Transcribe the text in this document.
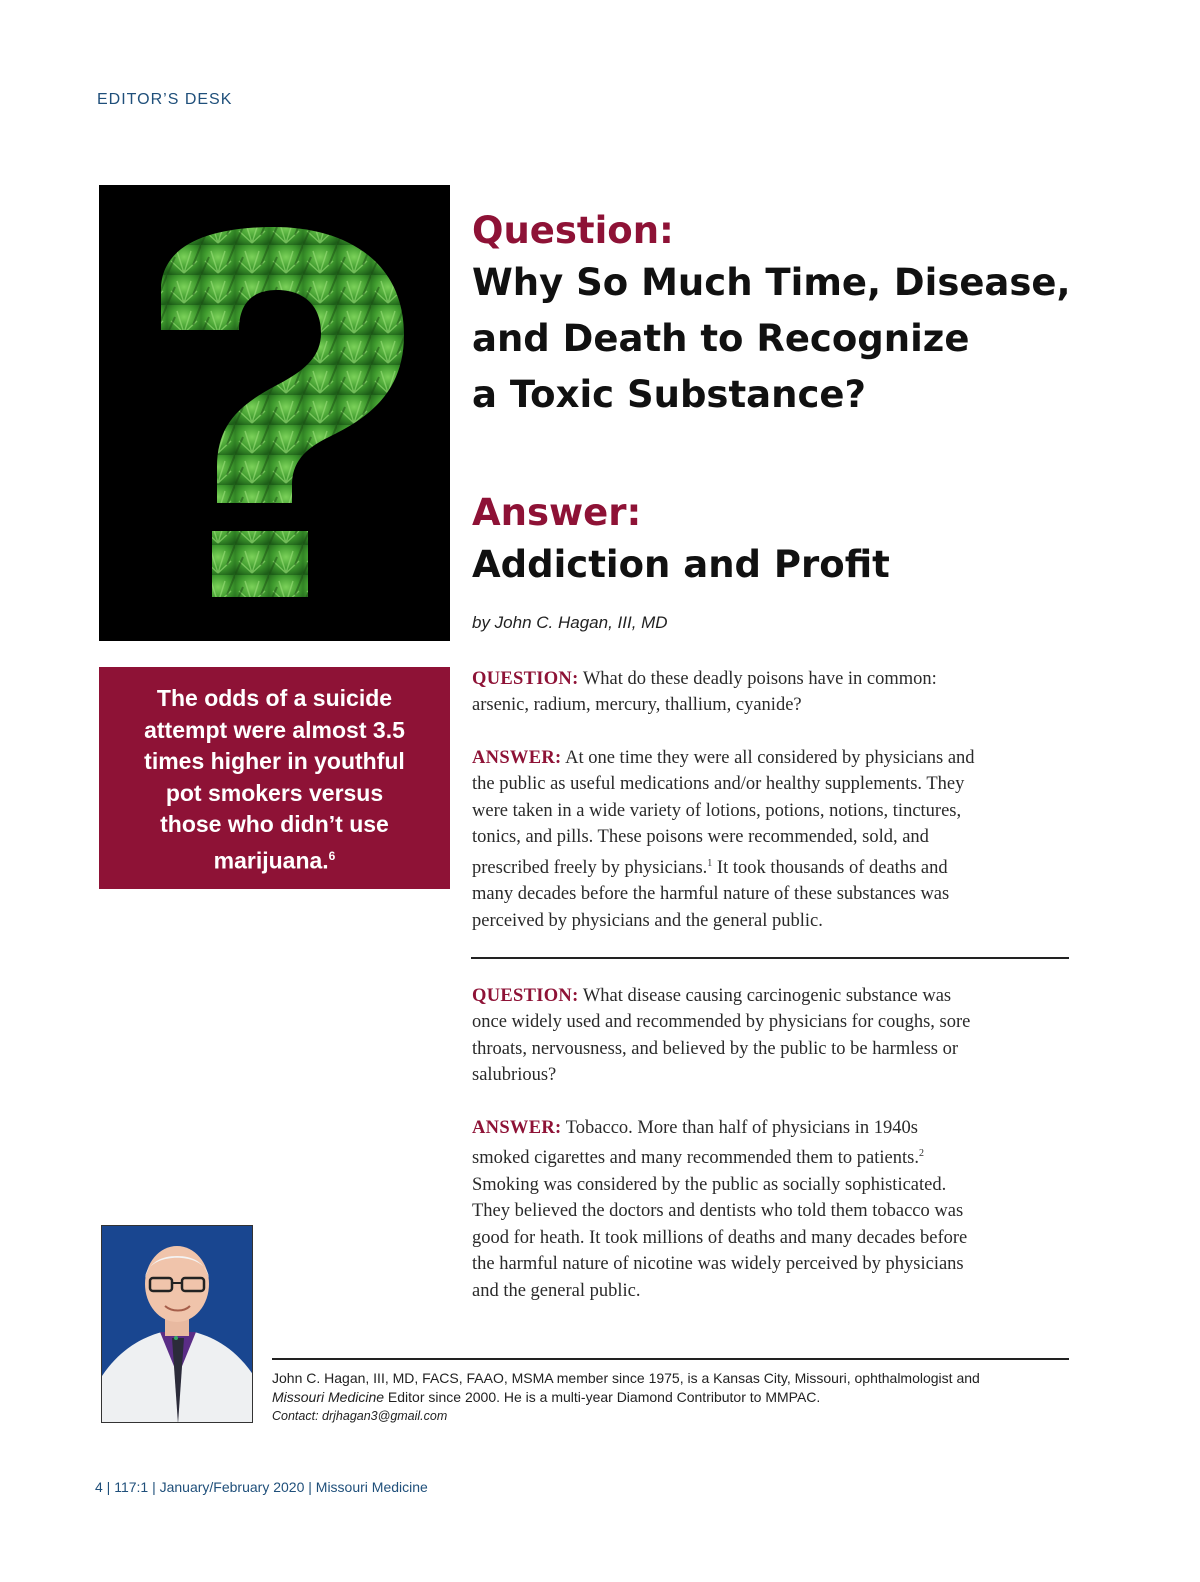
EDITOR’S DESK
The odds of a suicide
attempt were almost 3.5
times higher in youthful
pot smokers versus
those who didn’t use
marijuana.$^6$
Question:
Why So Much Time, Disease,
and Death to Recognize
a Toxic Substance?
Answer:
Addiction and Profit
by John C. Hagan, III, MD
QUESTION: What do these deadly poisons have in common:
arsenic, radium, mercury, thallium, cyanide?
ANSWER: At one time they were all considered by physicians and
the public as useful medications and/or healthy supplements. They
were taken in a wide variety of lotions, potions, notions, tinctures,
tonics, and pills. These poisons were recommended, sold, and
prescribed freely by physicians.$^1$ It took thousands of deaths and
many decades before the harmful nature of these substances was
perceived by physicians and the general public.
QUESTION: What disease causing carcinogenic substance was
once widely used and recommended by physicians for coughs, sore
throats, nervousness, and believed by the public to be harmless or
salubrious?
ANSWER: Tobacco. More than half of physicians in 1940s
smoked cigarettes and many recommended them to patients.$^2$
Smoking was considered by the public as socially sophisticated.
They believed the doctors and dentists who told them tobacco was
good for heath. It took millions of deaths and many decades before
the harmful nature of nicotine was widely perceived by physicians
and the general public.
John C. Hagan, III, MD, FACS, FAAO, MSMA member since 1975, is a Kansas City, Missouri, ophthalmologist and
Missouri Medicine Editor since 2000. He is a multi-year Diamond Contributor to MMPAC.
Contact: drjhagan3@gmail.com
4 | 117:1 | January/February 2020 | Missouri Medicine
